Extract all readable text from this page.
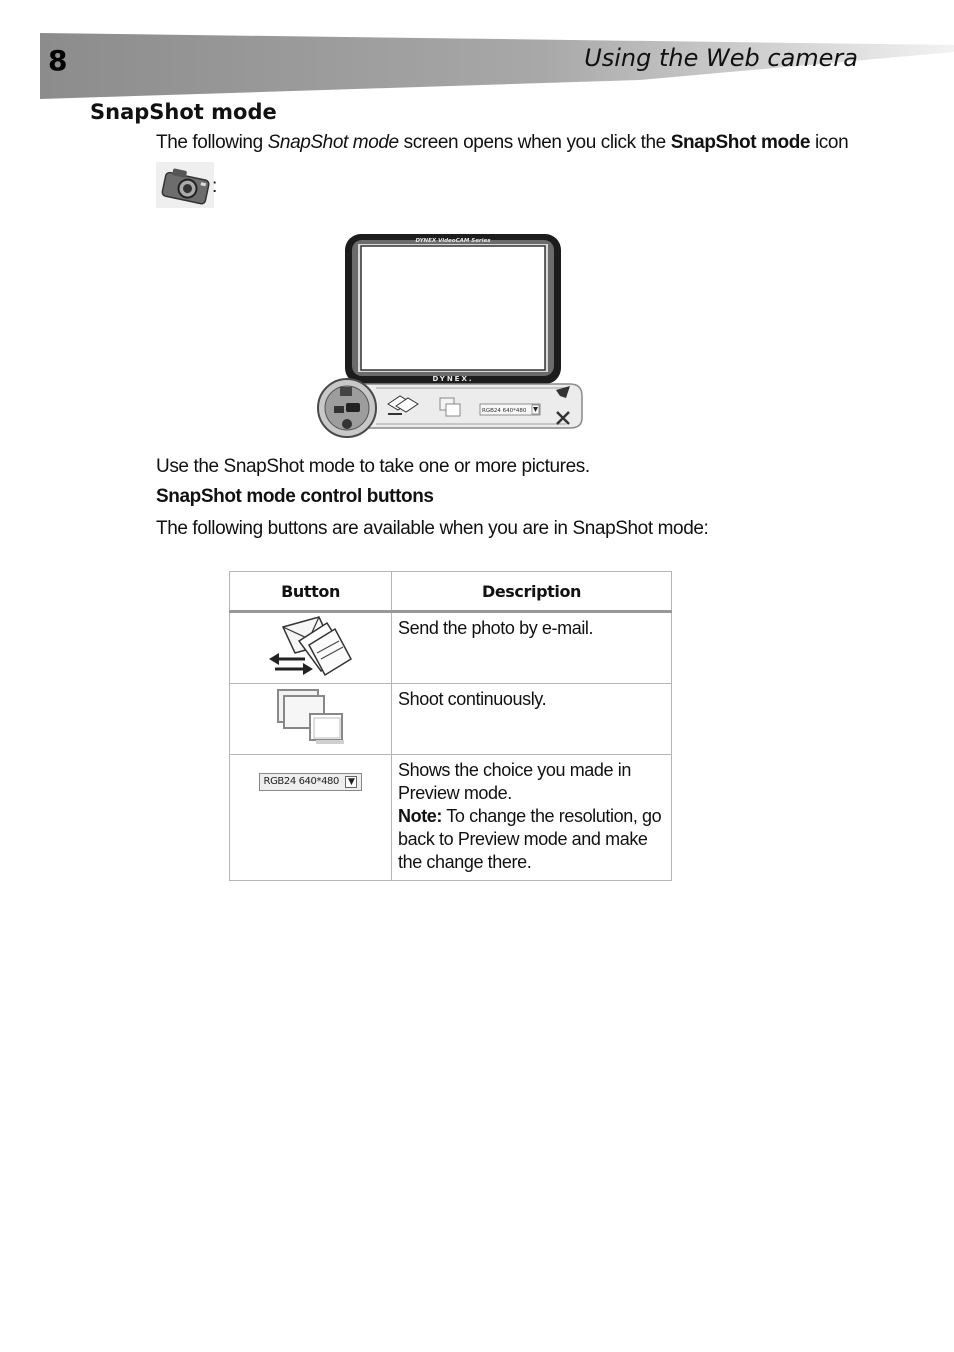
8	Using the Web camera

SnapShot mode

The following SnapShot mode screen opens when you click the SnapShot mode icon

:
DYNEX VideoCAM Series
DYNEX.
RGB24 640*480

Use the SnapShot mode to take one or more pictures.

SnapShot mode control buttons

The following buttons are available when you are in SnapShot mode:

Button	Description
	Send the photo by e-mail.
	Shoot continuously.
RGB24 640*480 ▼	Shows the choice you made in Preview mode.
Note: To change the resolution, go back to Preview mode and make the change there.
